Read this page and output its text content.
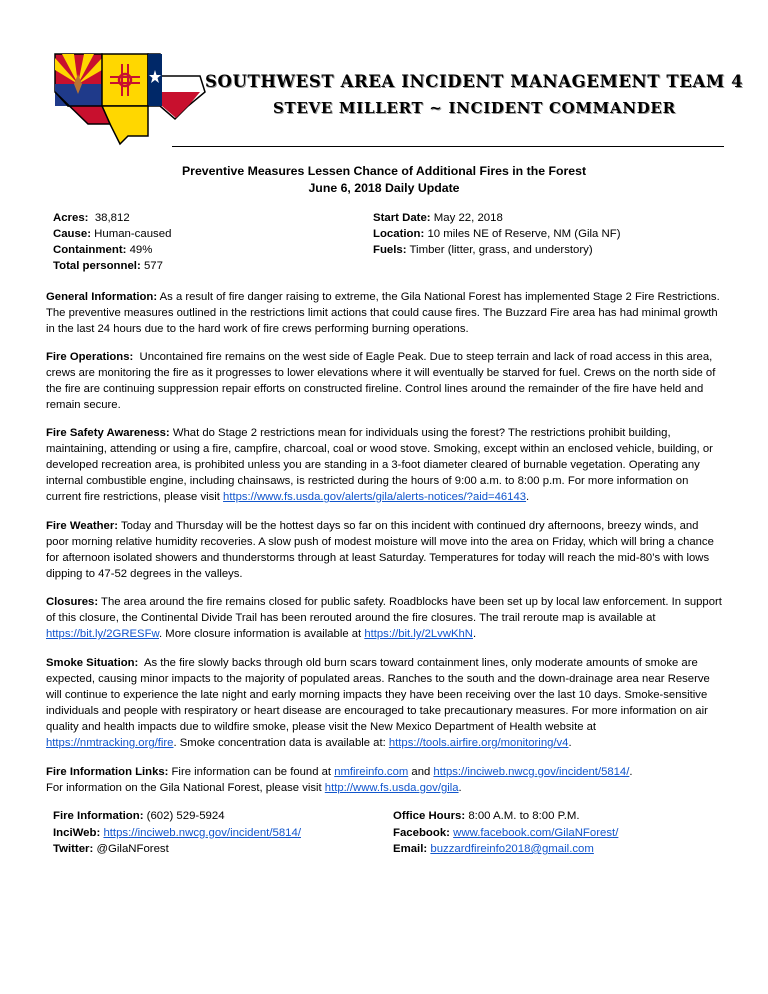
SOUTHWEST AREA INCIDENT MANAGEMENT TEAM 4
STEVE MILLERT ~ INCIDENT COMMANDER
Preventive Measures Lessen Chance of Additional Fires in the Forest
June 6, 2018 Daily Update
Acres: 38,812
Cause: Human-caused
Containment: 49%
Total personnel: 577
Start Date: May 22, 2018
Location: 10 miles NE of Reserve, NM (Gila NF)
Fuels: Timber (litter, grass, and understory)

General Information: As a result of fire danger raising to extreme, the Gila National Forest has implemented Stage 2 Fire Restrictions. The preventive measures outlined in the restrictions limit actions that could cause fires. The Buzzard Fire area has had minimal growth in the last 24 hours due to the hard work of fire crews performing burning operations.

Fire Operations: Uncontained fire remains on the west side of Eagle Peak. Due to steep terrain and lack of road access in this area, crews are monitoring the fire as it progresses to lower elevations where it will eventually be starved for fuel. Crews on the north side of the fire are continuing suppression repair efforts on constructed fireline. Control lines around the remainder of the fire have held and remain secure.

Fire Safety Awareness: What do Stage 2 restrictions mean for individuals using the forest? The restrictions prohibit building, maintaining, attending or using a fire, campfire, charcoal, coal or wood stove. Smoking, except within an enclosed vehicle, building, or developed recreation area, is prohibited unless you are standing in a 3-foot diameter cleared of burnable vegetation. Operating any internal combustible engine, including chainsaws, is restricted during the hours of 9:00 a.m. to 8:00 p.m. For more information on current fire restrictions, please visit https://www.fs.usda.gov/alerts/gila/alerts-notices/?aid=46143.

Fire Weather: Today and Thursday will be the hottest days so far on this incident with continued dry afternoons, breezy winds, and poor morning relative humidity recoveries. A slow push of modest moisture will move into the area on Friday, which will bring a chance for afternoon isolated showers and thunderstorms through at least Saturday. Temperatures for today will reach the mid-80’s with lows dipping to 47-52 degrees in the valleys.

Closures: The area around the fire remains closed for public safety. Roadblocks have been set up by local law enforcement. In support of this closure, the Continental Divide Trail has been rerouted around the fire closures. The trail reroute map is available at https://bit.ly/2GRESFw. More closure information is available at https://bit.ly/2LvwKhN.

Smoke Situation: As the fire slowly backs through old burn scars toward containment lines, only moderate amounts of smoke are expected, causing minor impacts to the majority of populated areas. Ranches to the south and the down-drainage area near Reserve will continue to experience the late night and early morning impacts they have been receiving over the last 10 days. Smoke-sensitive individuals and people with respiratory or heart disease are encouraged to take precautionary measures. For more information on air quality and health impacts due to wildfire smoke, please visit the New Mexico Department of Health website at https://nmtracking.org/fire. Smoke concentration data is available at: https://tools.airfire.org/monitoring/v4.

Fire Information Links: Fire information can be found at nmfireinfo.com and https://inciweb.nwcg.gov/incident/5814/.
For information on the Gila National Forest, please visit http://www.fs.usda.gov/gila.

Fire Information: (602) 529-5924
InciWeb: https://inciweb.nwcg.gov/incident/5814/
Twitter: @GilaNForest
Office Hours: 8:00 A.M. to 8:00 P.M.
Facebook: www.facebook.com/GilaNForest/
Email: buzzardfireinfo2018@gmail.com
